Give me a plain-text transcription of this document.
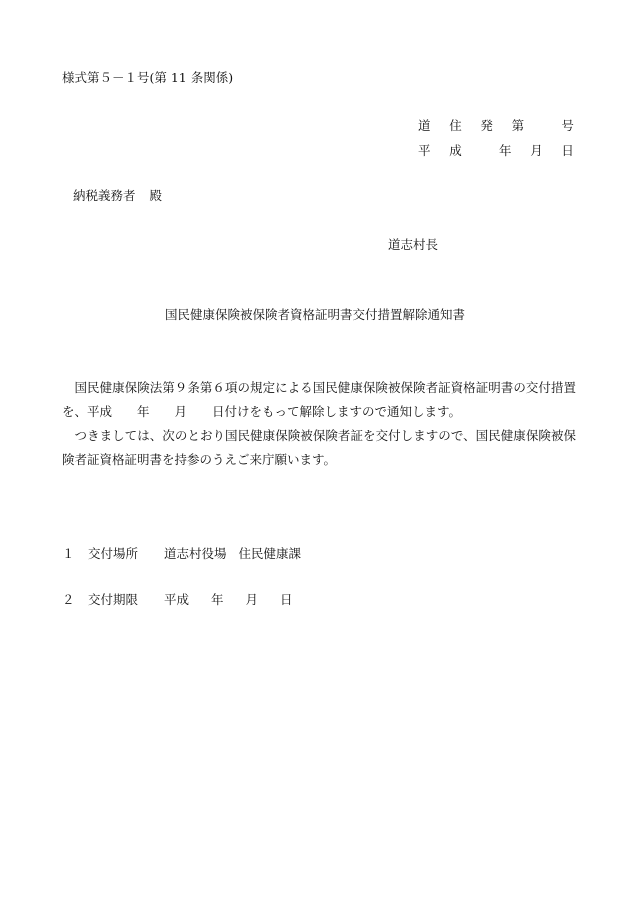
様式第５－１号(第 11 条関係)
道 住 発 第	号
平 成	年 月 日
納税義務者 殿
道志村長
国民健康保険被保険者資格証明書交付措置解除通知書

国民健康保険法第９条第６項の規定による国民健康保険被保険者証資格証明書の交付措置を、平成　　年　　月　　日付けをもって解除しますので通知します。

つきましては、次のとおり国民健康保険被保険者証を交付しますので、国民健康保険被保険者証資格証明書を持参のうえご来庁願います。

１	交付場所	道志村役場 住民健康課
２	交付期限	平成 年 月 日
